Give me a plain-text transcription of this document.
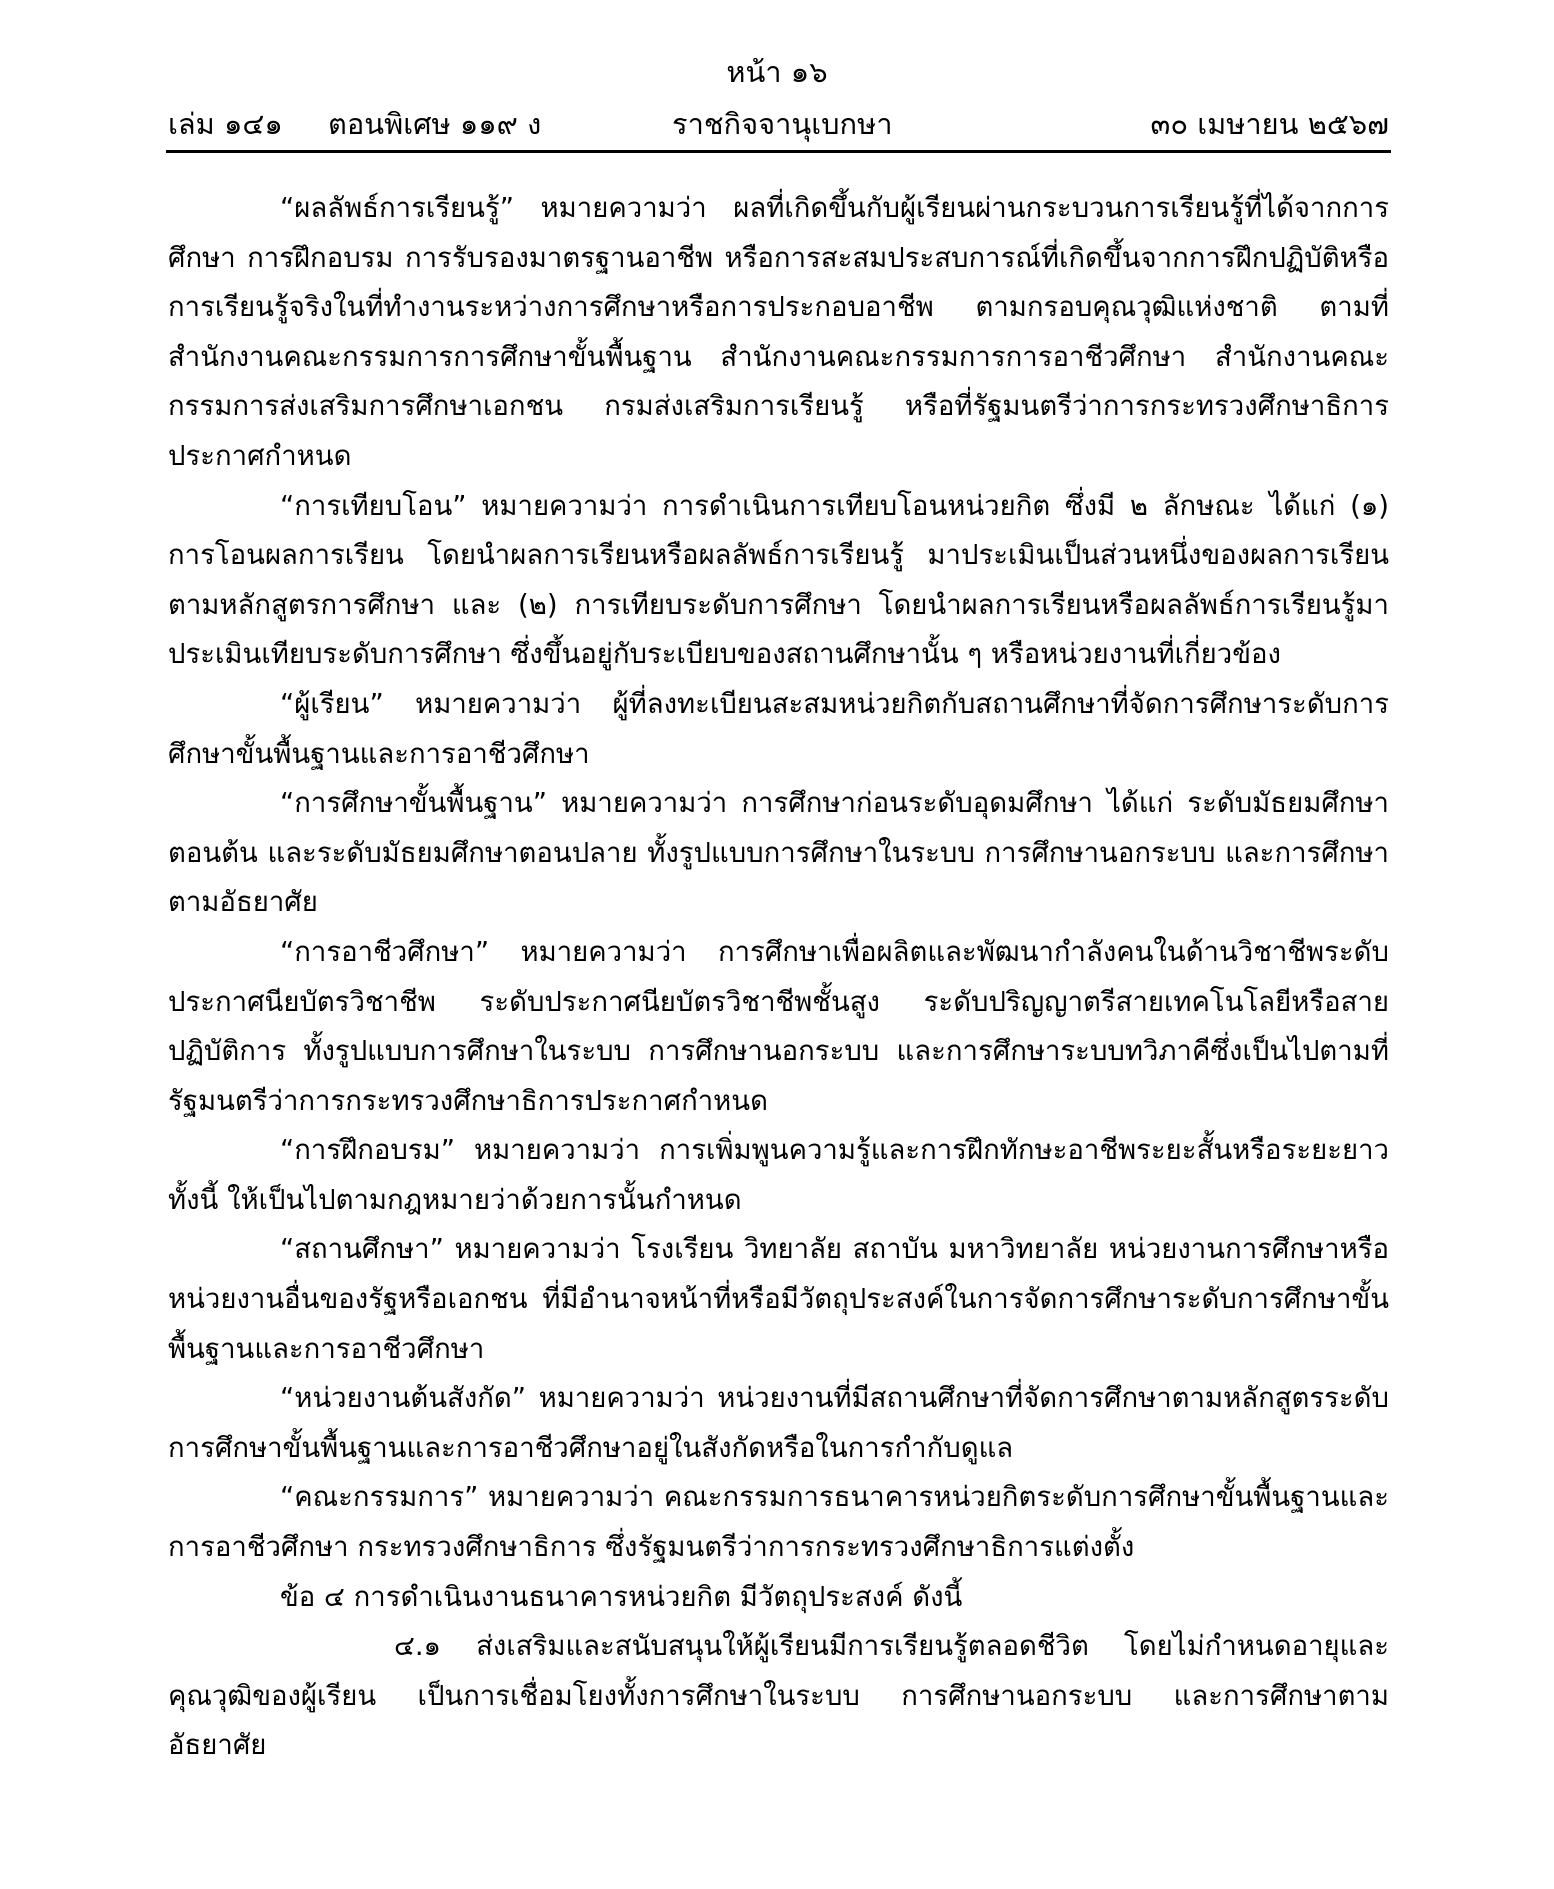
หน้า ๑๖
เล่ม ๑๔๑ ตอนพิเศษ ๑๑๙ ง	ราชกิจจานุเบกษา	๓๐ เมษายน ๒๕๖๗

“ผลลัพธ์การเรียนรู้” หมายความว่า ผลที่เกิดขึ้นกับผู้เรียนผ่านกระบวนการเรียนรู้ที่ได้จากการศึกษา การฝึกอบรม การรับรองมาตรฐานอาชีพ หรือการสะสมประสบการณ์ที่เกิดขึ้นจากการฝึกปฏิบัติหรือการเรียนรู้จริงในที่ทำงานระหว่างการศึกษาหรือการประกอบอาชีพ ตามกรอบคุณวุฒิแห่งชาติ ตามที่สำนักงานคณะกรรมการการศึกษาขั้นพื้นฐาน สำนักงานคณะกรรมการการอาชีวศึกษา สำนักงานคณะกรรมการส่งเสริมการศึกษาเอกชน กรมส่งเสริมการเรียนรู้ หรือที่รัฐมนตรีว่าการกระทรวงศึกษาธิการประกาศกำหนด

“การเทียบโอน” หมายความว่า การดำเนินการเทียบโอนหน่วยกิต ซึ่งมี ๒ ลักษณะ ได้แก่ (๑) การโอนผลการเรียน โดยนำผลการเรียนหรือผลลัพธ์การเรียนรู้ มาประเมินเป็นส่วนหนึ่งของผลการเรียนตามหลักสูตรการศึกษา และ (๒) การเทียบระดับการศึกษา โดยนำผลการเรียนหรือผลลัพธ์การเรียนรู้มาประเมินเทียบระดับการศึกษา ซึ่งขึ้นอยู่กับระเบียบของสถานศึกษานั้น ๆ หรือหน่วยงานที่เกี่ยวข้อง

“ผู้เรียน” หมายความว่า ผู้ที่ลงทะเบียนสะสมหน่วยกิตกับสถานศึกษาที่จัดการศึกษาระดับการศึกษาขั้นพื้นฐานและการอาชีวศึกษา

“การศึกษาขั้นพื้นฐาน” หมายความว่า การศึกษาก่อนระดับอุดมศึกษา ได้แก่ ระดับมัธยมศึกษาตอนต้น และระดับมัธยมศึกษาตอนปลาย ทั้งรูปแบบการศึกษาในระบบ การศึกษานอกระบบ และการศึกษาตามอัธยาศัย

“การอาชีวศึกษา” หมายความว่า การศึกษาเพื่อผลิตและพัฒนากำลังคนในด้านวิชาชีพระดับประกาศนียบัตรวิชาชีพ ระดับประกาศนียบัตรวิชาชีพชั้นสูง ระดับปริญญาตรีสายเทคโนโลยีหรือสายปฏิบัติการ ทั้งรูปแบบการศึกษาในระบบ การศึกษานอกระบบ และการศึกษาระบบทวิภาคีซึ่งเป็นไปตามที่รัฐมนตรีว่าการกระทรวงศึกษาธิการประกาศกำหนด

“การฝึกอบรม” หมายความว่า การเพิ่มพูนความรู้และการฝึกทักษะอาชีพระยะสั้นหรือระยะยาว ทั้งนี้ ให้เป็นไปตามกฎหมายว่าด้วยการนั้นกำหนด

“สถานศึกษา” หมายความว่า โรงเรียน วิทยาลัย สถาบัน มหาวิทยาลัย หน่วยงานการศึกษาหรือหน่วยงานอื่นของรัฐหรือเอกชน ที่มีอำนาจหน้าที่หรือมีวัตถุประสงค์ในการจัดการศึกษาระดับการศึกษาขั้นพื้นฐานและการอาชีวศึกษา

“หน่วยงานต้นสังกัด” หมายความว่า หน่วยงานที่มีสถานศึกษาที่จัดการศึกษาตามหลักสูตรระดับการศึกษาขั้นพื้นฐานและการอาชีวศึกษาอยู่ในสังกัดหรือในการกำกับดูแล

“คณะกรรมการ” หมายความว่า คณะกรรมการธนาคารหน่วยกิตระดับการศึกษาขั้นพื้นฐานและการอาชีวศึกษา กระทรวงศึกษาธิการ ซึ่งรัฐมนตรีว่าการกระทรวงศึกษาธิการแต่งตั้ง

ข้อ ๔ การดำเนินงานธนาคารหน่วยกิต มีวัตถุประสงค์ ดังนี้

๔.๑ ส่งเสริมและสนับสนุนให้ผู้เรียนมีการเรียนรู้ตลอดชีวิต โดยไม่กำหนดอายุและคุณวุฒิของผู้เรียน เป็นการเชื่อมโยงทั้งการศึกษาในระบบ การศึกษานอกระบบ และการศึกษาตามอัธยาศัย
